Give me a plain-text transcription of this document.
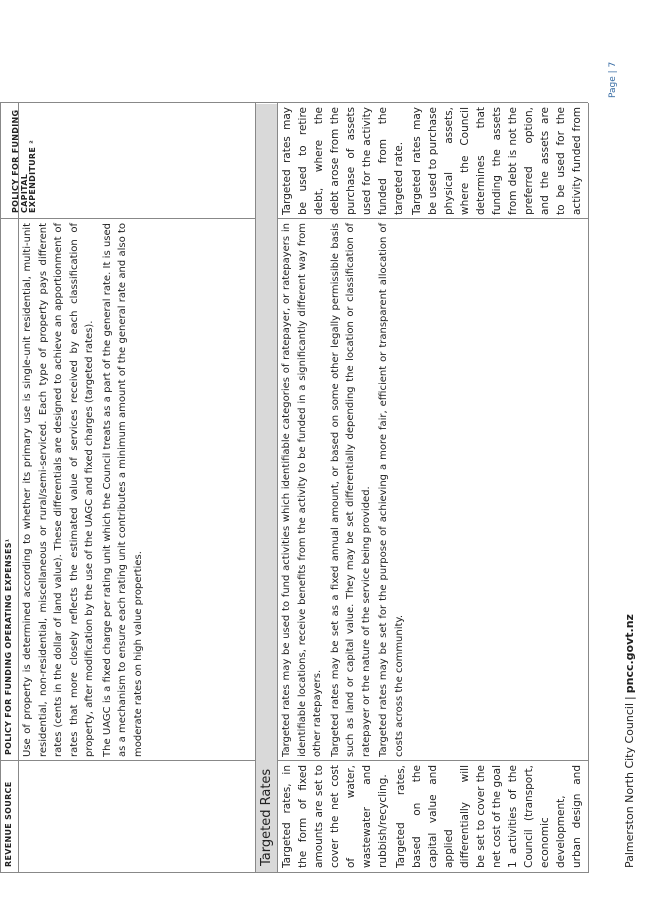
REVENUE SOURCE
POLICY FOR FUNDING OPERATING EXPENSES¹
POLICY FOR FUNDING CAPITAL EXPENDITURE ²

Use of property is determined according to whether its primary use is single-unit residential, multi-unit residential, non-residential, miscellaneous or rural/semi-serviced. Each type of property pays different rates (cents in the dollar of land value). These differentials are designed to achieve an apportionment of rates that more closely reflects the estimated value of services received by each classification of property, after modification by the use of the UAGC and fixed charges (targeted rates). The UAGC is a fixed charge per rating unit which the Council treats as a part of the general rate. It is used as a mechanism to ensure each rating unit contributes a minimum amount of the general rate and also to moderate rates on high value properties.

Targeted Rates Targeted rates, in the form of fixed amounts are set to cover the net cost of water, wastewater and rubbish/recycling. Targeted rates, based on the capital value and applied differentially will be set to cover the net cost of the goal 1 activities of the Council (transport, economic development, urban design and

Targeted rates may be used to fund activities which identifiable categories of ratepayer, or ratepayers in identifiable locations, receive benefits from the activity to be funded in a significantly different way from other ratepayers. Targeted rates may be set as a fixed annual amount, or based on some other legally permissible basis such as land or capital value. They may be set differentially depending the location or classification of ratepayer or the nature of the service being provided. Targeted rates may be set for the purpose of achieving a more fair, efficient or transparent allocation of costs across the community.

Targeted rates may be used to retire debt, where the debt arose from the purchase of assets used for the activity funded from the targeted rate. Targeted rates may be used to purchase physical assets, where the Council determines that funding the assets from debt is not the preferred option, and the assets are to be used for the activity funded from

Palmerston North City Council|pncc.govt.nz
Page | 7
